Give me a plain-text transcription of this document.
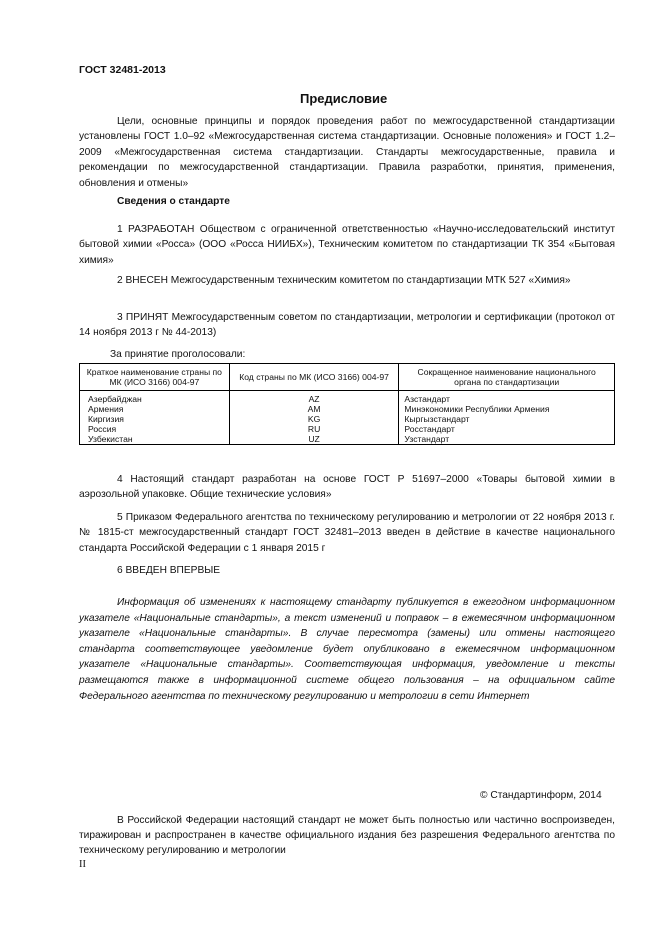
ГОСТ 32481-2013
Предисловие
Цели, основные принципы и порядок проведения работ по межгосударственной стандартизации установлены ГОСТ 1.0–92 «Межгосударственная система стандартизации. Основные положения» и ГОСТ 1.2–2009 «Межгосударственная система стандартизации. Стандарты межгосударственные, правила и рекомендации по межгосударственной стандартизации. Правила разработки, принятия, применения, обновления и отмены»
Сведения о стандарте
1 РАЗРАБОТАН Обществом с ограниченной ответственностью «Научно-исследовательский институт бытовой химии «Росса» (ООО «Росса НИИБХ»), Техническим комитетом по стандартизации ТК 354 «Бытовая химия»
2 ВНЕСЕН Межгосударственным техническим комитетом по стандартизации МТК 527 «Химия»
3 ПРИНЯТ Межгосударственным советом по стандартизации, метрологии и сертификации (протокол от 14 ноября 2013 г № 44-2013)
За принятие проголосовали:
Краткое наименование страны по МК (ИСО 3166) 004-97	Код страны по МК (ИСО 3166) 004-97	Сокращенное наименование национального органа по стандартизации
Азербайджан	AZ	Азстандарт
Армения	AM	Минэкономики Республики Армения
Киргизия	KG	Кыргызстандарт
Россия	RU	Росстандарт
Узбекистан	UZ	Узстандарт
4 Настоящий стандарт разработан на основе ГОСТ Р 51697–2000 «Товары бытовой химии в аэрозольной упаковке. Общие технические условия»
5 Приказом Федерального агентства по техническому регулированию и метрологии от 22 ноября 2013 г. № 1815-ст межгосударственный стандарт ГОСТ 32481–2013 введен в действие в качестве национального стандарта Российской Федерации с 1 января 2015 г
6 ВВЕДЕН ВПЕРВЫЕ
Информация об изменениях к настоящему стандарту публикуется в ежегодном информационном указателе «Национальные стандарты», а текст изменений и поправок – в ежемесячном информационном указателе «Национальные стандарты». В случае пересмотра (замены) или отмены настоящего стандарта соответствующее уведомление будет опубликовано в ежемесячном информационном указателе «Национальные стандарты». Соответствующая информация, уведомление и тексты размещаются также в информационной системе общего пользования – на официальном сайте Федерального агентства по техническому регулированию и метрологии в сети Интернет
© Стандартинформ, 2014
В Российской Федерации настоящий стандарт не может быть полностью или частично воспроизведен, тиражирован и распространен в качестве официального издания без разрешения Федерального агентства по техническому регулированию и метрологии
II
